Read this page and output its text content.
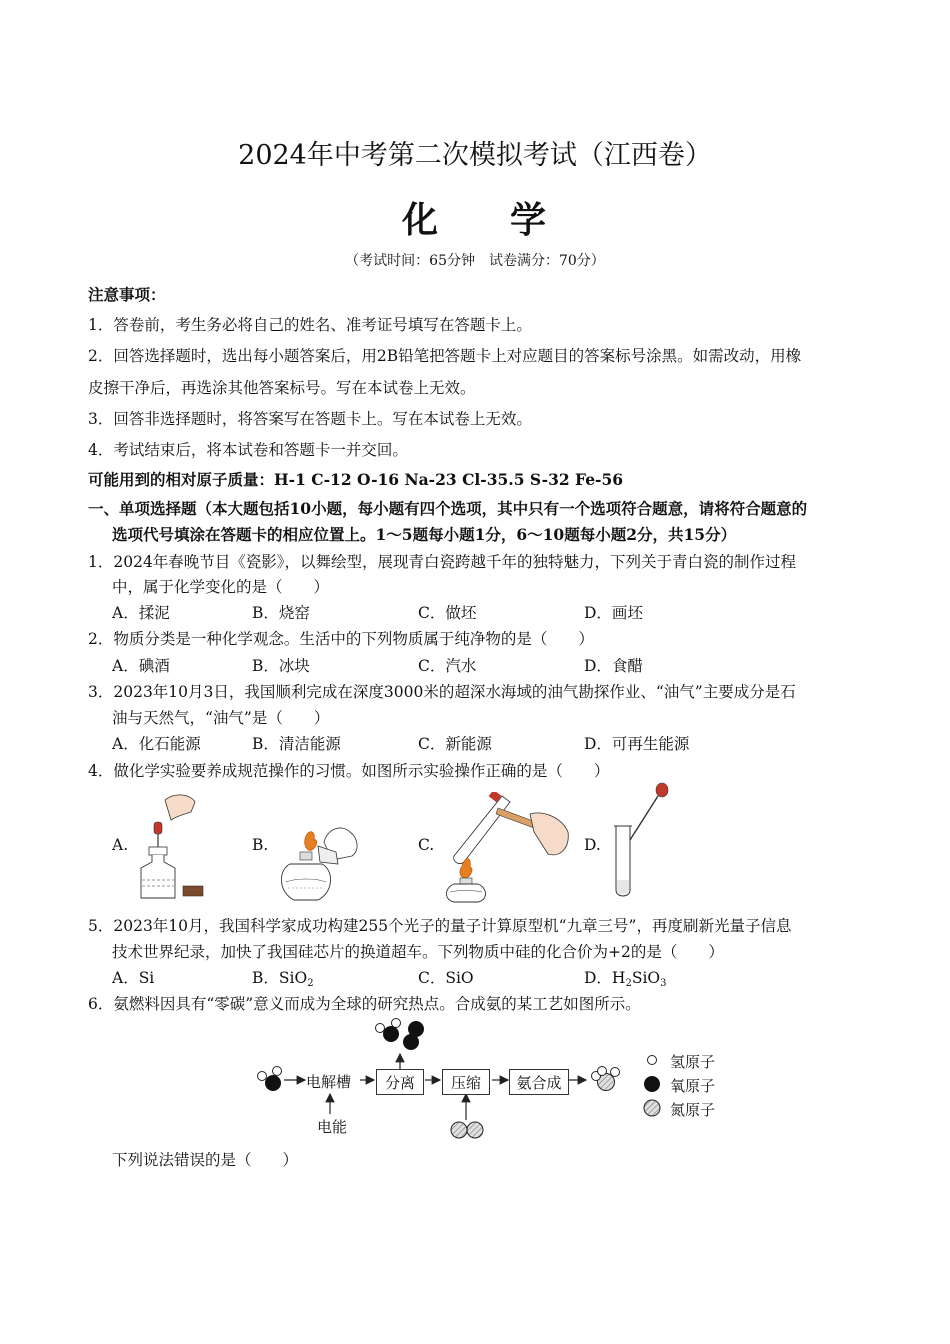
2024年中考第二次模拟考试（江西卷）
化 学
（考试时间：65分钟　试卷满分：70分）
注意事项：
1．答卷前，考生务必将自己的姓名、准考证号填写在答题卡上。
2．回答选择题时，选出每小题答案后，用2B铅笔把答题卡上对应题目的答案标号涂黑。如需改动，用橡
皮擦干净后，再选涂其他答案标号。写在本试卷上无效。
3．回答非选择题时，将答案写在答题卡上。写在本试卷上无效。
4．考试结束后，将本试卷和答题卡一并交回。
可能用到的相对原子质量：H-1 C-12 O-16 Na-23 Cl-35.5 S-32 Fe-56
一、单项选择题（本大题包括10小题，每小题有四个选项，其中只有一个选项符合题意，请将符合题意的
选项代号填涂在答题卡的相应位置上。1～5题每小题1分，6～10题每小题2分，共15分）
1．2024年春晚节目《瓷影》，以舞绘型，展现青白瓷跨越千年的独特魅力，下列关于青白瓷的制作过程
中，属于化学变化的是（　　）
A．揉泥	B．烧窑	C．做坯	D．画坯
2．物质分类是一种化学观念。生活中的下列物质属于纯净物的是（　　）
A．碘酒	B．冰块	C．汽水	D．食醋
3．2023年10月3日，我国顺利完成在深度3000米的超深水海域的油气勘探作业、“油气”主要成分是石
油与天然气，“油气”是（　　）
A．化石能源	B．清洁能源	C．新能源	D．可再生能源
4．做化学实验要养成规范操作的习惯。如图所示实验操作正确的是（　　）
A.	B.	C.	D.
5．2023年10月，我国科学家成功构建255个光子的量子计算原型机“九章三号”，再度刷新光量子信息
技术世界纪录，加快了我国硅芯片的换道超车。下列物质中硅的化合价为+2的是（　　）
A．Si	B．SiO$_2$	C．SiO	D．$H_2SiO_3$
6．氨燃料因具有“零碳”意义而成为全球的研究热点。合成氨的某工艺如图所示。
电解槽 分离 压缩 氨合成
电能
氢原子
氧原子
氮原子
下列说法错误的是（　　）
